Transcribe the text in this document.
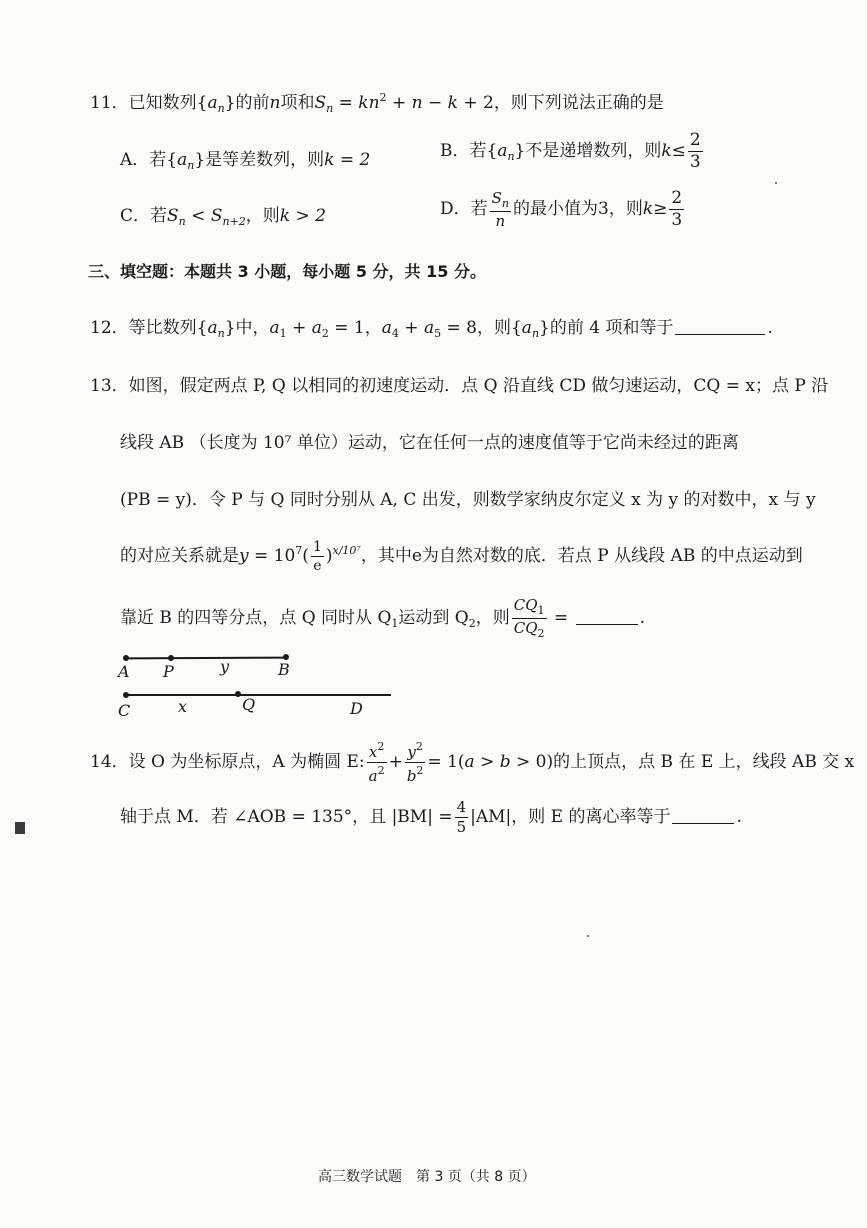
11．已知数列$\{a_n\}$的前n项和$S_n = kn^2 + n - k + 2$，则下列说法正确的是
A．若$\{a_n\}$是等差数列，则k = 2	B．若$\{a_n\}$不是递增数列，则$k\le \frac{2}{3}$
C．若$S_n < S_{n+2}$，则k > 2	D．若 $\frac{S_n}{n}$ 的最小值为3，则$k\ge \frac{2}{3}$
三、填空题：本题共 3 小题，每小题 5 分，共 15 分。
12．等比数列$\{a_n\}$中，$a_1 + a_2 = 1$，$a_4 + a_5 = 8$，则$\{a_n\}$的前 4 项和等于	.
13．如图，假定两点 P, Q 以相同的初速度运动．点 Q 沿直线 CD 做匀速运动，CQ = x；点 P 沿
线段 AB （长度为 10⁷ 单位）运动，它在任何一点的速度值等于它尚未经过的距离
(PB = y)．令 P 与 Q 同时分别从 A, C 出发，则数学家纳皮尔定义 x 为 y 的对数中，x 与 y
的对应关系就是$y = 10^7( \frac{1}{e} )^{x/10^7}$，其中e为自然对数的底．若点 P 从线段 AB 的中点运动到
靠近 B 的四等分点，点 Q 同时从 $Q_1$运动到 $Q_2$，则 $\frac{CQ_1}{CQ_2}$ =	.
A P	y	B
C	x	Q	D
14．设 O 为坐标原点，A 为椭圆 E: $\frac{x^2}{a^2} + \frac{y^2}{b^2} = 1(a > b > 0)$的上顶点，点 B 在 E 上，线段 AB 交 x
轴于点 M．若 ∠AOB = 135°，且 $|BM| = \frac{4}{5} |AM|$，则 E 的离心率等于	.
高三数学试题　第 3 页（共 8 页）
